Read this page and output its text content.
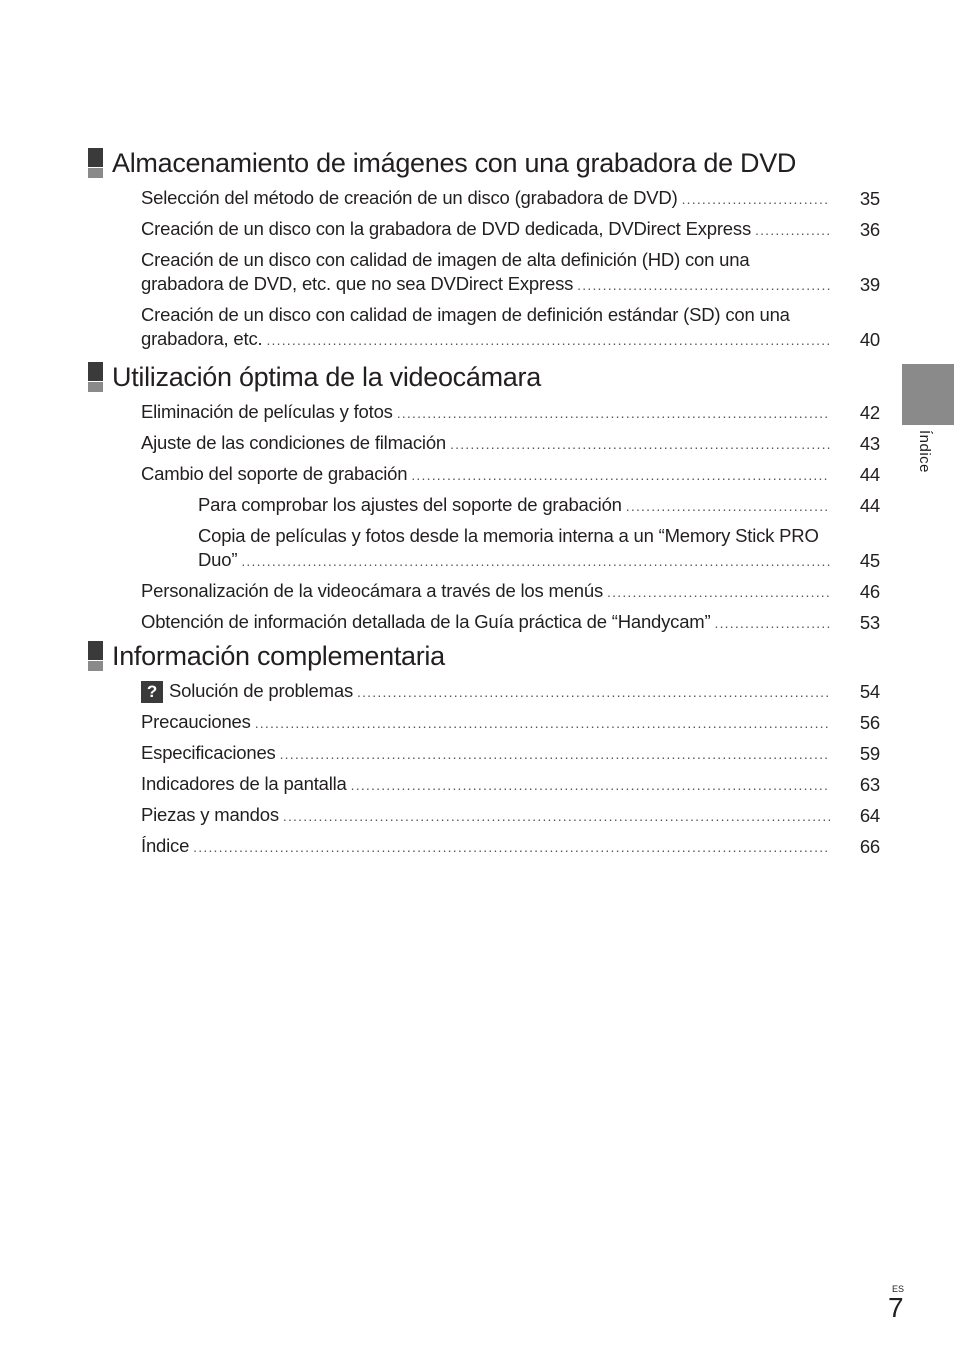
Índice
Almacenamiento de imágenes con una grabadora de DVD
Selección del método de creación de un disco (grabadora de DVD) .....	35
Creación de un disco con la grabadora de DVD dedicada, DVDirect Express .....	36
Creación de un disco con calidad de imagen de alta definición (HD) con una
grabadora de DVD, etc. que no sea DVDirect Express .....	39
Creación de un disco con calidad de imagen de definición estándar (SD) con una
grabadora, etc. .....	40
Utilización óptima de la videocámara
Eliminación de películas y fotos .....	42
Ajuste de las condiciones de filmación .....	43
Cambio del soporte de grabación .....	44
Para comprobar los ajustes del soporte de grabación .....	44
Copia de películas y fotos desde la memoria interna a un “Memory Stick PRO
Duo” .....	45
Personalización de la videocámara a través de los menús .....	46
Obtención de información detallada de la Guía práctica de “Handycam” .....	53
Información complementaria
? Solución de problemas .....	54
Precauciones .....	56
Especificaciones .....	59
Indicadores de la pantalla .....	63
Piezas y mandos .....	64
Índice .....	66
ES
7
